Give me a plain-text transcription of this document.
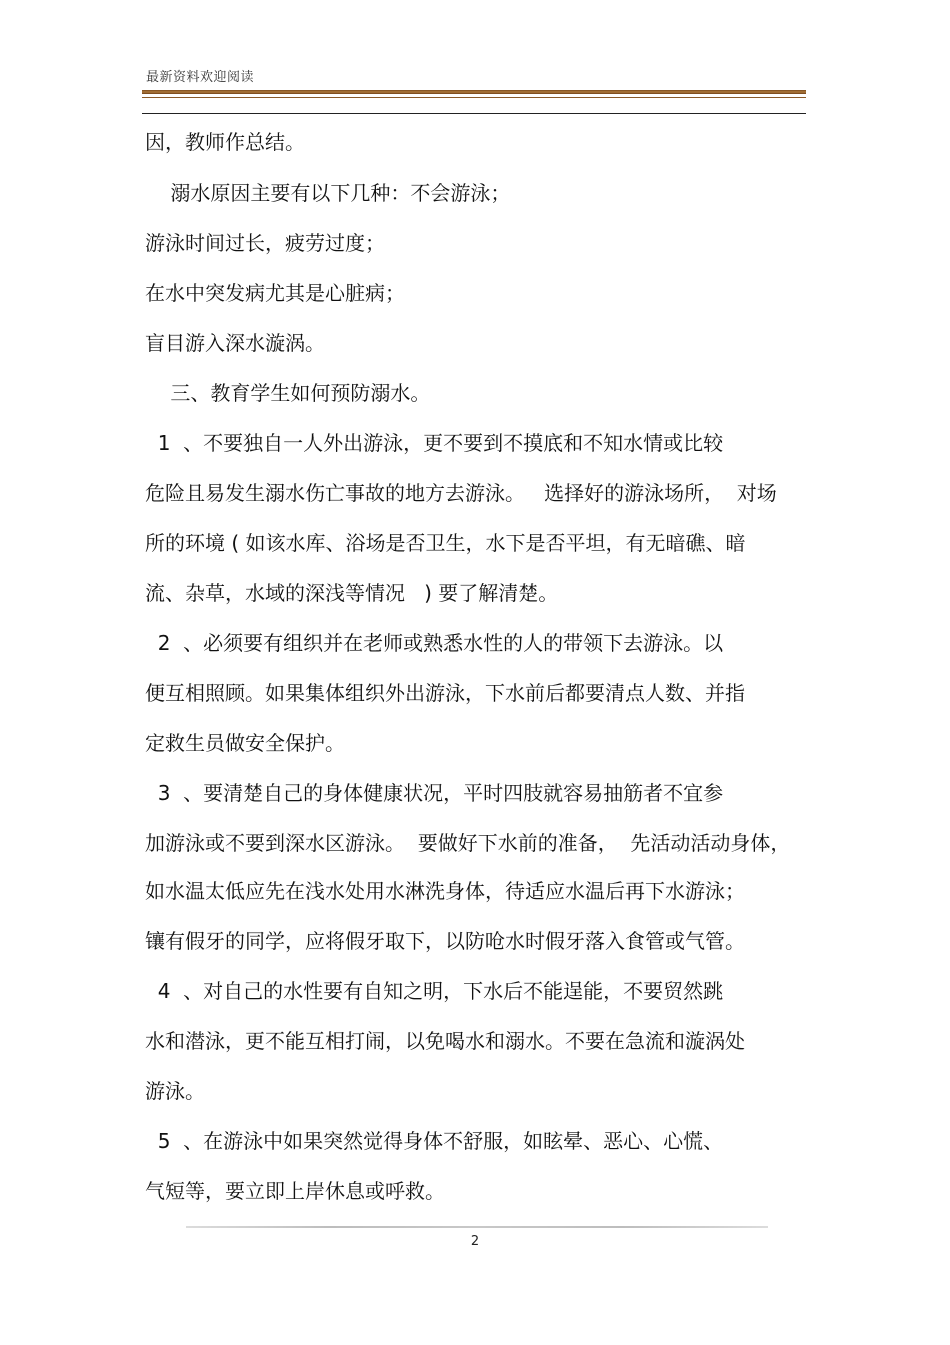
最新资料欢迎阅读
因，教师作总结。
溺水原因主要有以下几种：不会游泳；
游泳时间过长，疲劳过度；
在水中突发病尤其是心脏病；
盲目游入深水漩涡。
三、教育学生如何预防溺水。
1  、不要独自一人外出游泳，更不要到不摸底和不知水情或比较
危险且易发生溺水伤亡事故的地方去游泳。   选择好的游泳场所，  对场
所的环境 ( 如该水库、浴场是否卫生，水下是否平坦，有无暗礁、暗
流、杂草，水域的深浅等情况   ) 要了解清楚。
2  、必须要有组织并在老师或熟悉水性的人的带领下去游泳。以
便互相照顾。如果集体组织外出游泳，下水前后都要清点人数、并指
定救生员做安全保护。
3  、要清楚自己的身体健康状况，平时四肢就容易抽筋者不宜参
加游泳或不要到深水区游泳。  要做好下水前的准备，  先活动活动身体，
如水温太低应先在浅水处用水淋洗身体，待适应水温后再下水游泳；
镶有假牙的同学，应将假牙取下，以防呛水时假牙落入食管或气管。
4  、对自己的水性要有自知之明，下水后不能逞能，不要贸然跳
水和潜泳，更不能互相打闹，以免喝水和溺水。不要在急流和漩涡处
游泳。
5  、在游泳中如果突然觉得身体不舒服，如眩晕、恶心、心慌、
气短等，要立即上岸休息或呼救。
2
